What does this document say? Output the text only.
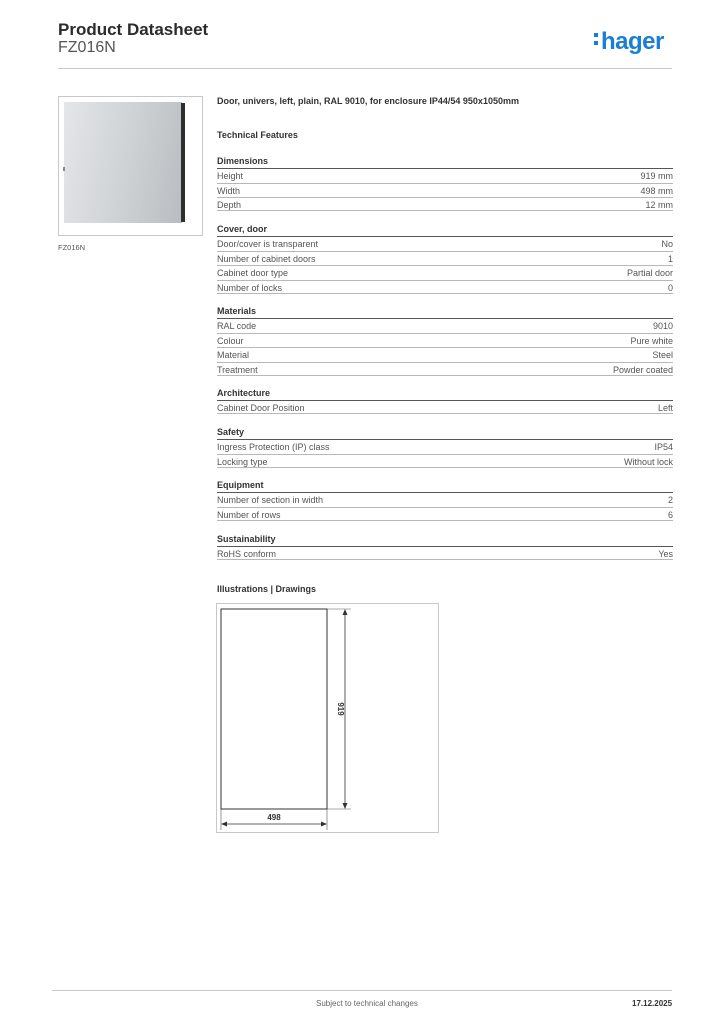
Product Datasheet
FZ016N	hager
FZ016N
Door, univers, left, plain, RAL 9010, for enclosure IP44/54 950x1050mm
Technical Features
Dimensions
Height	919 mm
Width	498 mm
Depth	12 mm
Cover, door
Door/cover is transparent	No
Number of cabinet doors	1
Cabinet door type	Partial door
Number of locks	0
Materials
RAL code	9010
Colour	Pure white
Material	Steel
Treatment	Powder coated
Architecture
Cabinet Door Position	Left
Safety
Ingress Protection (IP) class	IP54
Locking type	Without lock
Equipment
Number of section in width	2
Number of rows	6
Sustainability
RoHS conform	Yes
Illustrations | Drawings
919
498
Subject to technical changes	17.12.2025
